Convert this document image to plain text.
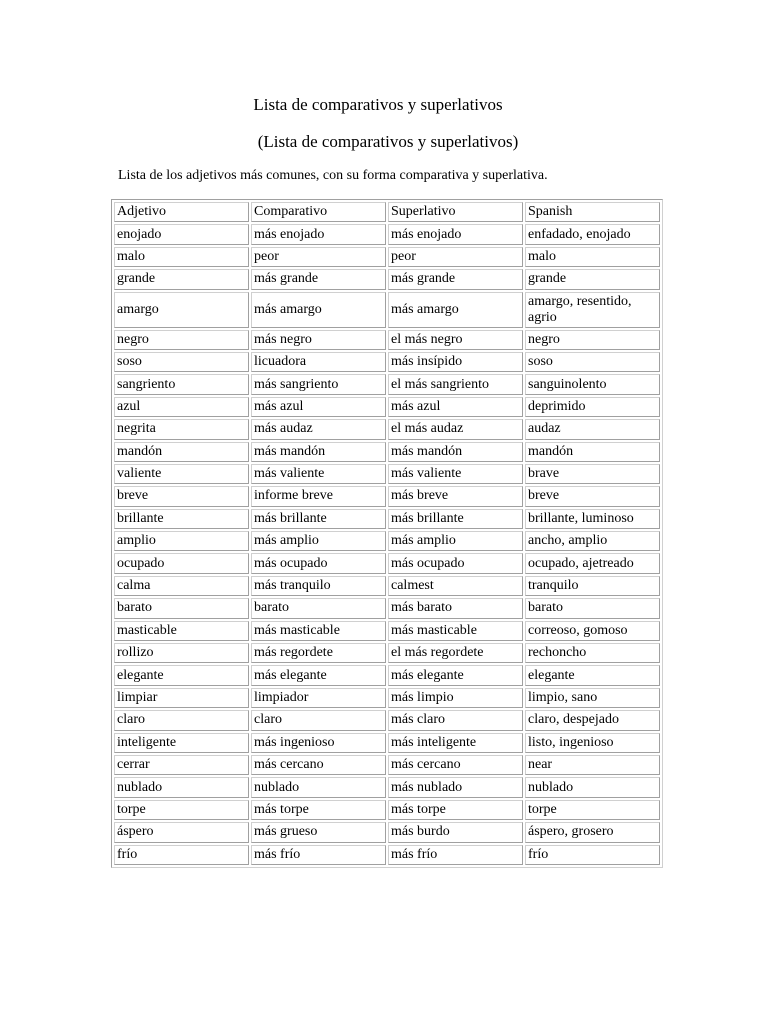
Lista de comparativos y superlativos
(Lista de comparativos y superlativos)
Lista de los adjetivos más comunes, con su forma comparativa y superlativa.
Adjetivo	Comparativo	Superlativo	Spanish
enojado	más enojado	más enojado	enfadado, enojado
malo	peor	peor	malo
grande	más grande	más grande	grande
amargo	más amargo	más amargo	amargo, resentido, agrio
negro	más negro	el más negro	negro
soso	licuadora	más insípido	soso
sangriento	más sangriento	el más sangriento	sanguinolento
azul	más azul	más azul	deprimido
negrita	más audaz	el más audaz	audaz
mandón	más mandón	más mandón	mandón
valiente	más valiente	más valiente	brave
breve	informe breve	más breve	breve
brillante	más brillante	más brillante	brillante, luminoso
amplio	más amplio	más amplio	ancho, amplio
ocupado	más ocupado	más ocupado	ocupado, ajetreado
calma	más tranquilo	calmest	tranquilo
barato	barato	más barato	barato
masticable	más masticable	más masticable	correoso, gomoso
rollizo	más regordete	el más regordete	rechoncho
elegante	más elegante	más elegante	elegante
limpiar	limpiador	más limpio	limpio, sano
claro	claro	más claro	claro, despejado
inteligente	más ingenioso	más inteligente	listo, ingenioso
cerrar	más cercano	más cercano	near
nublado	nublado	más nublado	nublado
torpe	más torpe	más torpe	torpe
áspero	más grueso	más burdo	áspero, grosero
frío	más frío	más frío	frío
